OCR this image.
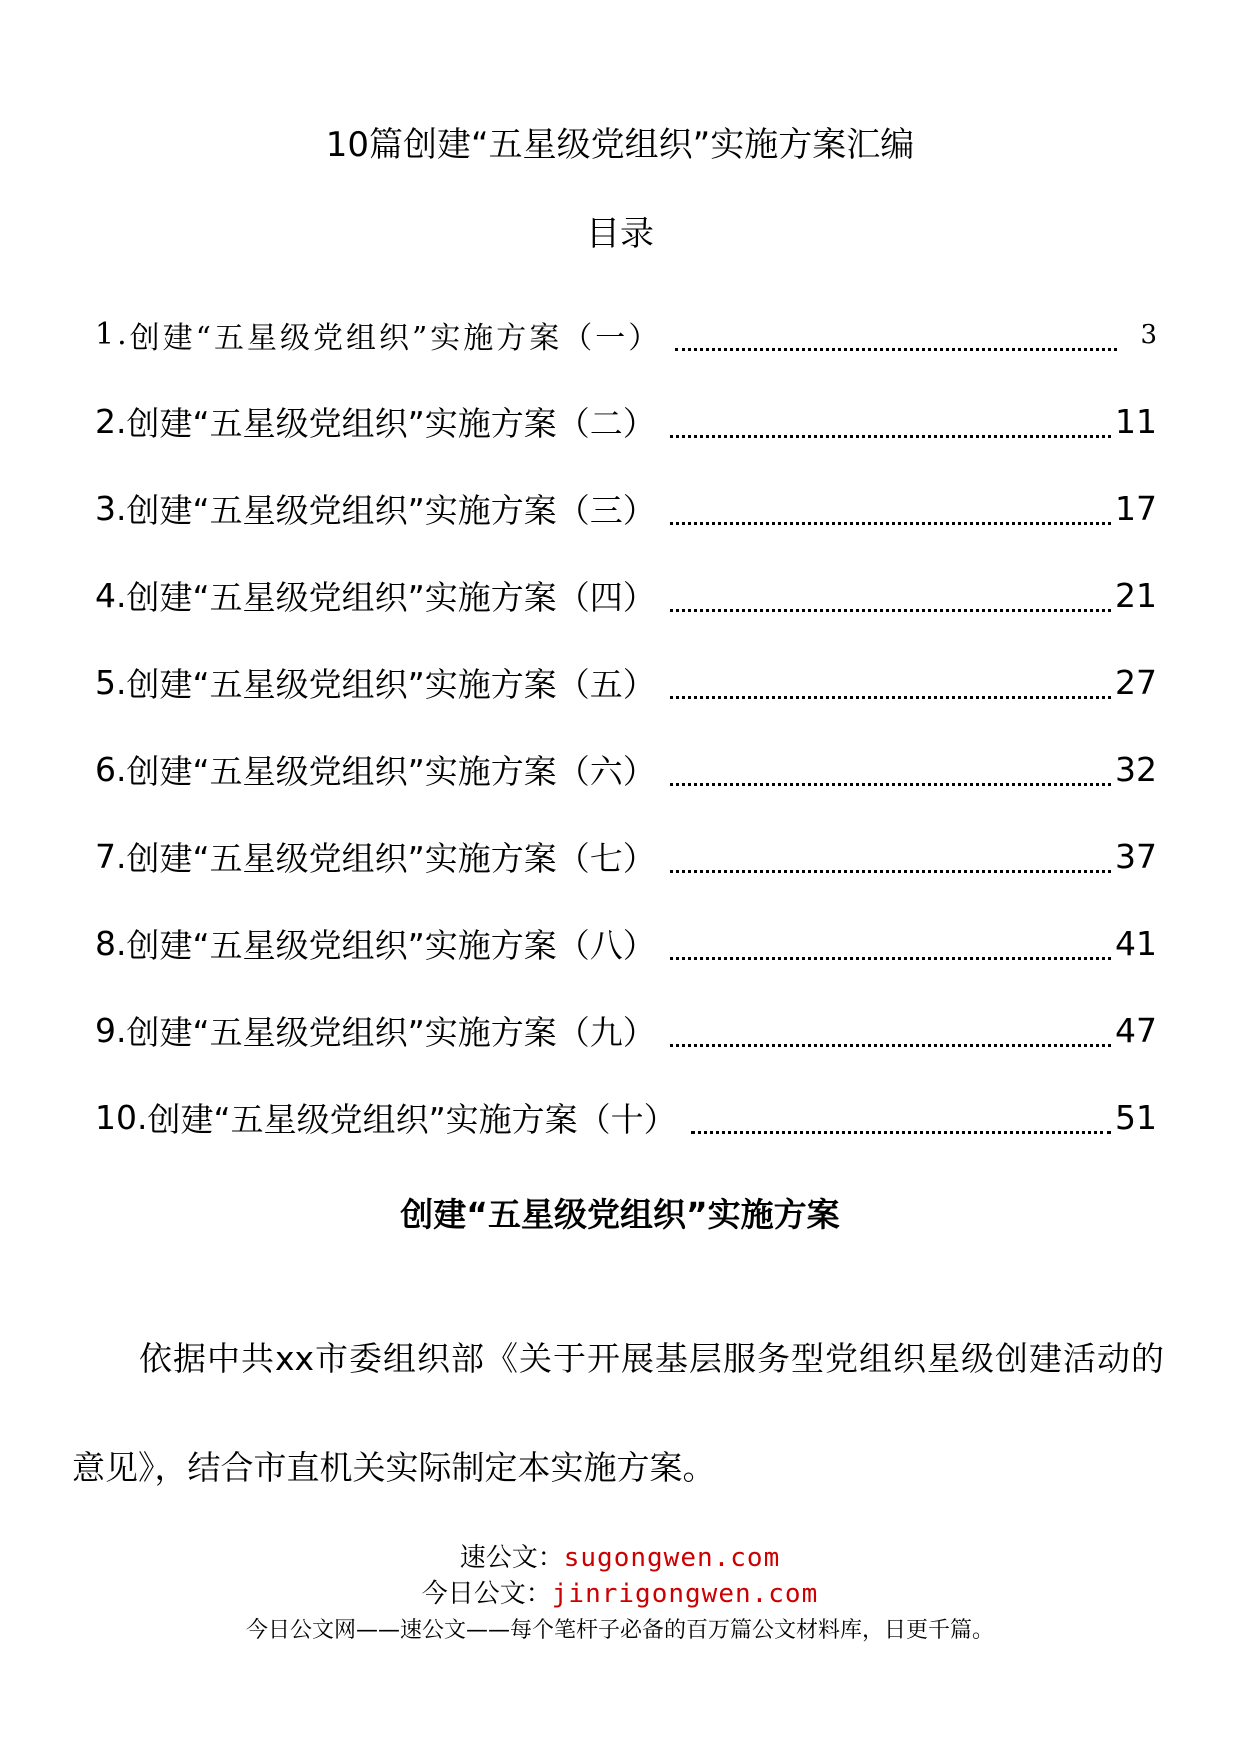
10篇创建“五星级党组织”实施方案汇编
目录
1. 创建“五星级党组织”实施方案（一）	3
2. 创建“五星级党组织”实施方案（二）	11
3. 创建“五星级党组织”实施方案（三）	17
4. 创建“五星级党组织”实施方案（四）	21
5. 创建“五星级党组织”实施方案（五）	27
6. 创建“五星级党组织”实施方案（六）	32
7. 创建“五星级党组织”实施方案（七）	37
8. 创建“五星级党组织”实施方案（八）	41
9. 创建“五星级党组织”实施方案（九）	47
10. 创建“五星级党组织”实施方案（十）	51
创建“五星级党组织”实施方案
依据中共xx市委组织部《关于开展基层服务型党组织星级创建活动的意见》，结合市直机关实际制定本实施方案。
速公文：sugongwen.com
今日公文：jinrigongwen.com
今日公文网——速公文——每个笔杆子必备的百万篇公文材料库，日更千篇。
